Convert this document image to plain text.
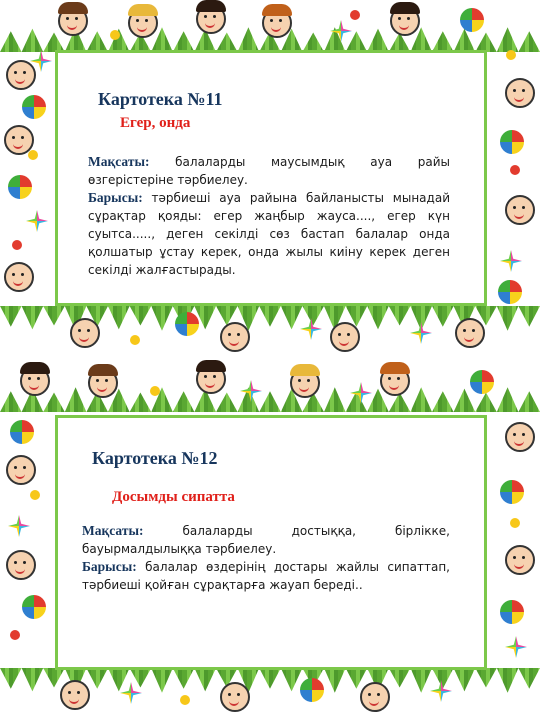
Картотека №11
Егер, онда

Мақсаты: балаларды маусымдық ауа райы өзгерістеріне тәрбиелеу.

Барысы: тәрбиеші ауа райына байланысты мынадай сұрақтар қояды: егер жаңбыр жауса...., егер күн суытса....., деген секілді сөз бастап балалар онда қолшатыр ұстау керек, онда жылы киіну керек деген секілді жалғастырады.

Картотека №12
Досымды сипатта

Мақсаты: балаларды достыққа, бірлікке, бауырмалдылыққа тәрбиелеу.

Барысы: балалар өздерінің достары жайлы сипаттап, тәрбиеші қойған сұрақтарға жауап береді..
